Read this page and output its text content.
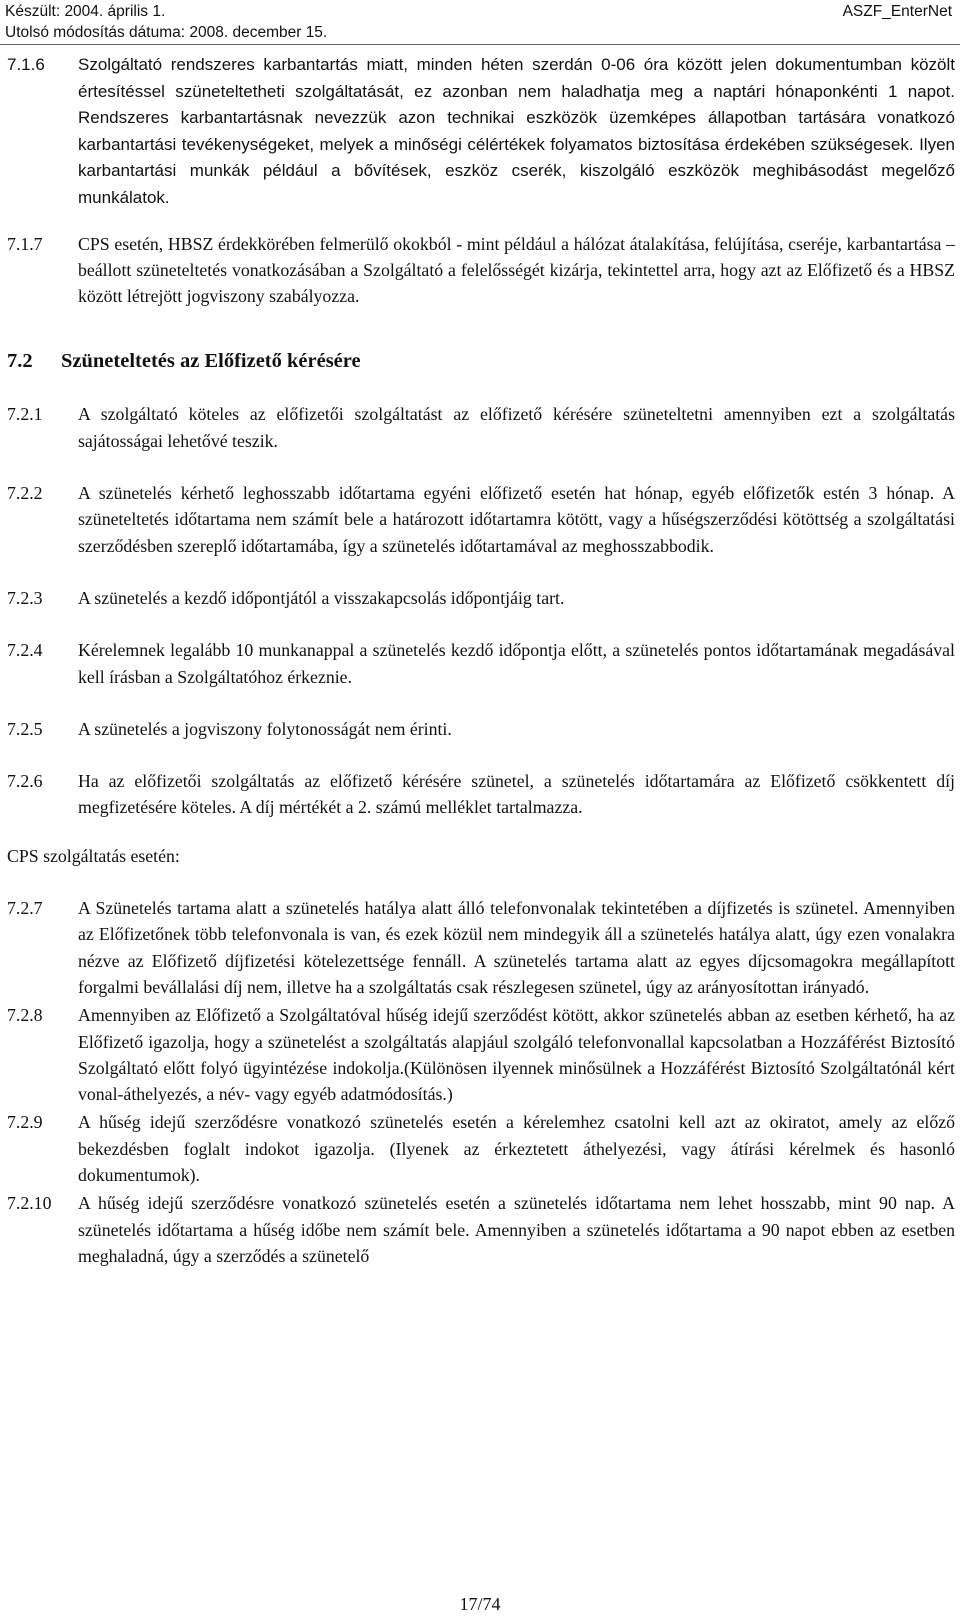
Készült: 2004. április 1.
Utolsó módosítás dátuma: 2008. december 15.
ASZF_EnterNet
7.1.6	Szolgáltató rendszeres karbantartás miatt, minden héten szerdán 0-06 óra között jelen dokumentumban közölt értesítéssel szüneteltetheti szolgáltatását, ez azonban nem haladhatja meg a naptári hónaponkénti 1 napot. Rendszeres karbantartásnak nevezzük azon technikai eszközök üzemképes állapotban tartására vonatkozó karbantartási tevékenységeket, melyek a minőségi célértékek folyamatos biztosítása érdekében szükségesek. Ilyen karbantartási munkák például a bővítések, eszköz cserék, kiszolgáló eszközök meghibásodást megelőző munkálatok.
7.1.7	CPS esetén, HBSZ érdekkörében felmerülő okokból - mint például a hálózat átalakítása, felújítása, cseréje, karbantartása – beállott szüneteltetés vonatkozásában a Szolgáltató a felelősségét kizárja, tekintettel arra, hogy azt az Előfizető és a HBSZ között létrejött jogviszony szabályozza.
7.2	Szüneteltetés az Előfizető kérésére
7.2.1	A szolgáltató köteles az előfizetői szolgáltatást az előfizető kérésére szüneteltetni amennyiben ezt a szolgáltatás sajátosságai lehetővé teszik.
7.2.2	A szünetelés kérhető leghosszabb időtartama egyéni előfizető esetén hat hónap, egyéb előfizetők estén 3 hónap. A szüneteltetés időtartama nem számít bele a határozott időtartamra kötött, vagy a hűségszerződési kötöttség a szolgáltatási szerződésben szereplő időtartamába, így a szünetelés időtartamával az meghosszabbodik.
7.2.3	A szünetelés a kezdő időpontjától a visszakapcsolás időpontjáig tart.
7.2.4	Kérelemnek legalább 10 munkanappal a szünetelés kezdő időpontja előtt, a szünetelés pontos időtartamának megadásával kell írásban a Szolgáltatóhoz érkeznie.
7.2.5	A szünetelés a jogviszony folytonosságát nem érinti.
7.2.6	Ha az előfizetői szolgáltatás az előfizető kérésére szünetel, a szünetelés időtartamára az Előfizető csökkentett díj megfizetésére köteles. A díj mértékét a 2. számú melléklet tartalmazza.
CPS szolgáltatás esetén:
7.2.7	A Szünetelés tartama alatt a szünetelés hatálya alatt álló telefonvonalak tekintetében a díjfizetés is szünetel. Amennyiben az Előfizetőnek több telefonvonala is van, és ezek közül nem mindegyik áll a szünetelés hatálya alatt, úgy ezen vonalakra nézve az Előfizető díjfizetési kötelezettsége fennáll. A szünetelés tartama alatt az egyes díjcsomagokra megállapított forgalmi bevállalási díj nem, illetve ha a szolgáltatás csak részlegesen szünetel, úgy az arányosítottan irányadó.
7.2.8	Amennyiben az Előfizető a Szolgáltatóval hűség idejű szerződést kötött, akkor szünetelés abban az esetben kérhető, ha az Előfizető igazolja, hogy a szünetelést a szolgáltatás alapjául szolgáló telefonvonallal kapcsolatban a Hozzáférést Biztosító Szolgáltató előtt folyó ügyintézése indokolja.(Különösen ilyennek minősülnek a Hozzáférést Biztosító Szolgáltatónál kért vonal-áthelyezés, a név- vagy egyéb adatmódosítás.)
7.2.9	A hűség idejű szerződésre vonatkozó szünetelés esetén a kérelemhez csatolni kell azt az okiratot, amely az előző bekezdésben foglalt indokot igazolja. (Ilyenek az érkeztetett áthelyezési, vagy átírási kérelmek és hasonló dokumentumok).
7.2.10	A hűség idejű szerződésre vonatkozó szünetelés esetén a szünetelés időtartama nem lehet hosszabb, mint 90 nap. A szünetelés időtartama a hűség időbe nem számít bele. Amennyiben a szünetelés időtartama a 90 napot ebben az esetben meghaladná, úgy a szerződés a szünetelő
17/74
